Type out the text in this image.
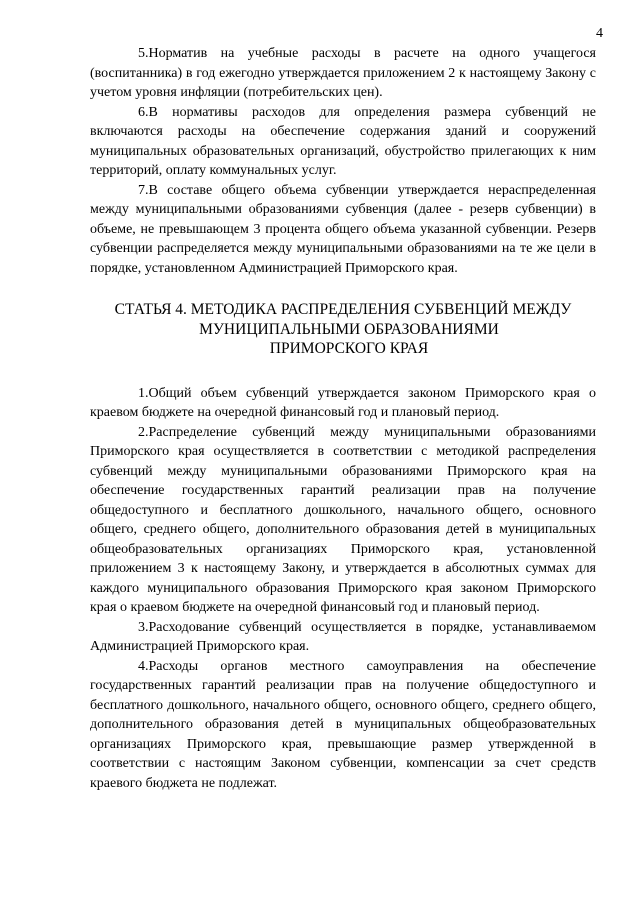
4

5.Норматив на учебные расходы в расчете на одного учащегося (воспитанника) в год ежегодно утверждается приложением 2 к настоящему Закону с учетом уровня инфляции (потребительских цен).

6.В нормативы расходов для определения размера субвенций не включаются расходы на обеспечение содержания зданий и сооружений муниципальных образовательных организаций, обустройство прилегающих к ним территорий, оплату коммунальных услуг.

7.В составе общего объема субвенции утверждается нераспределенная между муниципальными образованиями субвенция (далее - резерв субвенции) в объеме, не превышающем 3 процента общего объема указанной субвенции. Резерв субвенции распределяется между муниципальными образованиями на те же цели в порядке, установленном Администрацией Приморского края.

СТАТЬЯ 4. МЕТОДИКА РАСПРЕДЕЛЕНИЯ СУБВЕНЦИЙ МЕЖДУ
МУНИЦИПАЛЬНЫМИ ОБРАЗОВАНИЯМИ
ПРИМОРСКОГО КРАЯ

1.Общий объем субвенций утверждается законом Приморского края о краевом бюджете на очередной финансовый год и плановый период.

2.Распределение субвенций между муниципальными образованиями Приморского края осуществляется в соответствии с методикой распределения субвенций между муниципальными образованиями Приморского края на обеспечение государственных гарантий реализации прав на получение общедоступного и бесплатного дошкольного, начального общего, основного общего, среднего общего, дополнительного образования детей в муниципальных общеобразовательных организациях Приморского края, установленной приложением 3 к настоящему Закону, и утверждается в абсолютных суммах для каждого муниципального образования Приморского края законом Приморского края о краевом бюджете на очередной финансовый год и плановый период.

3.Расходование субвенций осуществляется в порядке, устанавливаемом Администрацией Приморского края.

4.Расходы органов местного самоуправления на обеспечение государственных гарантий реализации прав на получение общедоступного и бесплатного дошкольного, начального общего, основного общего, среднего общего, дополнительного образования детей в муниципальных общеобразовательных организациях Приморского края, превышающие размер утвержденной в соответствии с настоящим Законом субвенции, компенсации за счет средств краевого бюджета не подлежат.
